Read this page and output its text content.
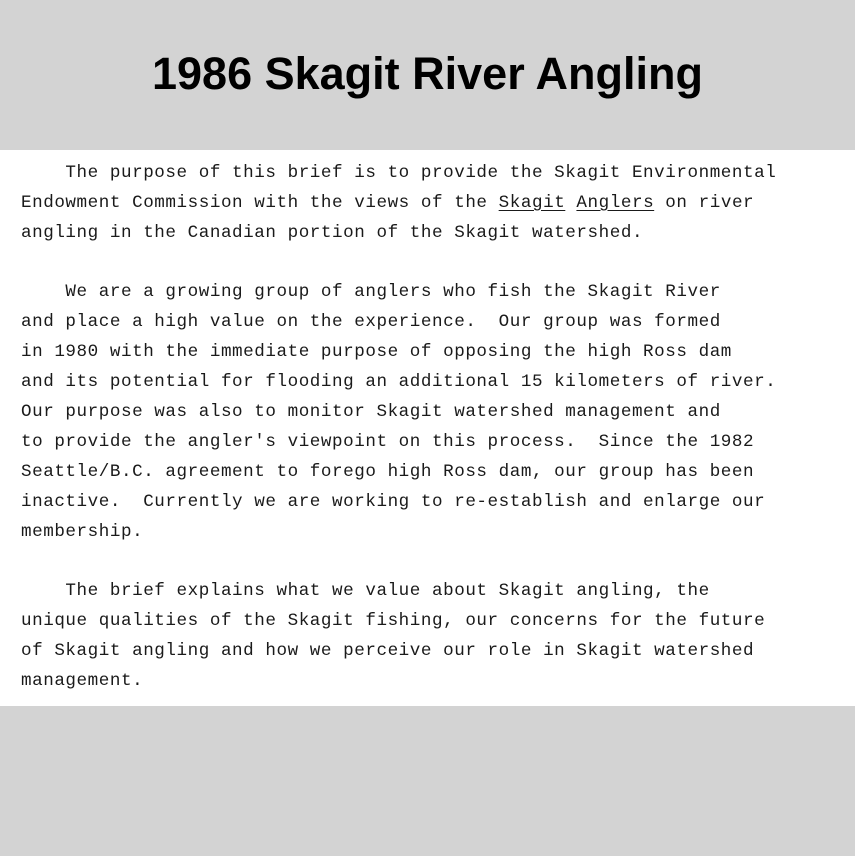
1986 Skagit River Angling
The purpose of this brief is to provide the Skagit Environmental
Endowment Commission with the views of the Skagit Anglers on river
angling in the Canadian portion of the Skagit watershed.
We are a growing group of anglers who fish the Skagit River
and place a high value on the experience.  Our group was formed
in 1980 with the immediate purpose of opposing the high Ross dam
and its potential for flooding an additional 15 kilometers of river.
Our purpose was also to monitor Skagit watershed management and
to provide the angler's viewpoint on this process.  Since the 1982
Seattle/B.C. agreement to forego high Ross dam, our group has been
inactive.  Currently we are working to re-establish and enlarge our
membership.
The brief explains what we value about Skagit angling, the
unique qualities of the Skagit fishing, our concerns for the future
of Skagit angling and how we perceive our role in Skagit watershed
management.
